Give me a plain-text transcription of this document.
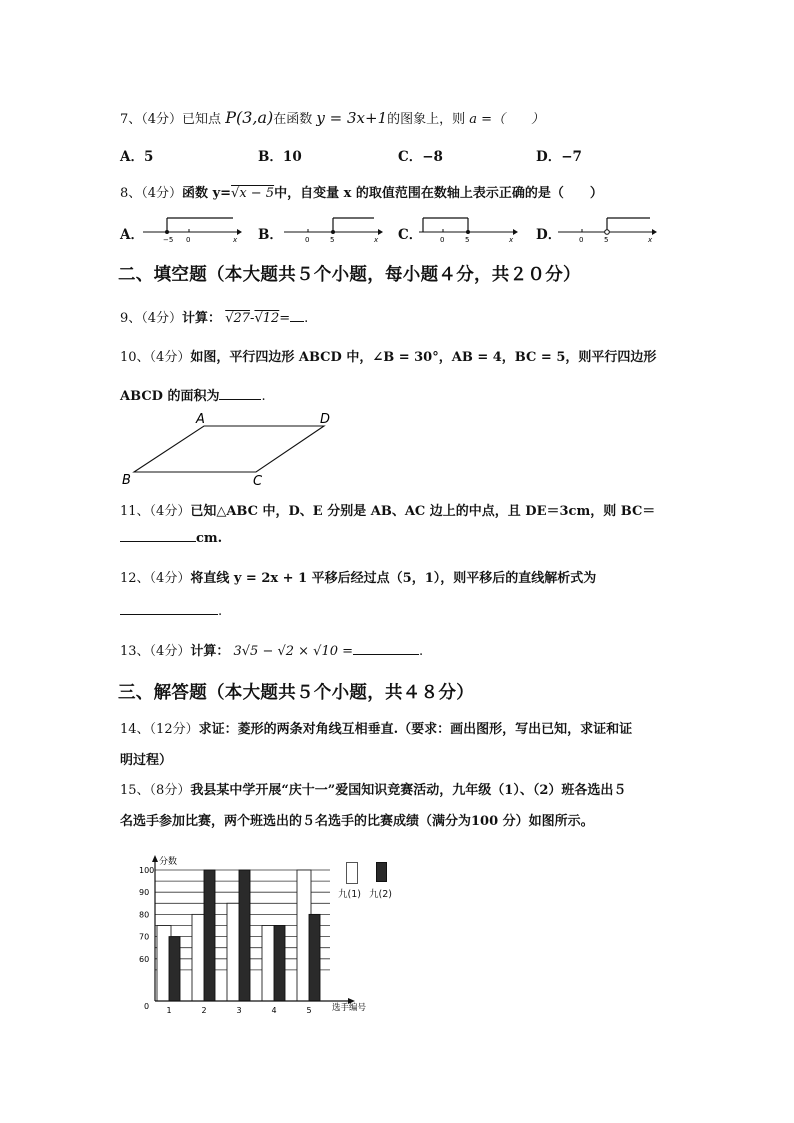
7、（4分）已知点 P(3,a)在函数 y = 3x+1的图象上，则 a =（　　）
A．5	B．10	C．−8	D．−7
8、（4分）函数 y=√x − 5中，自变量 x 的取值范围在数轴上表示正确的是（　　）
A．	−5 0	x B．	0	5	x C．	0	5	x D．	0	5	x
二、填空题（本大题共５个小题，每小题４分，共２０分）
9、（4分）计算： √27-√12= .
10、（4分）如图，平行四边形 ABCD 中，∠B = 30°，AB = 4，BC = 5，则平行四边形
ABCD 的面积为	.
A
B	C
D
11、（4分）已知△ABC 中，D、E 分别是 AB、AC 边上的中点，且 DE＝3cm，则 BC＝
cm.
12、（4分）将直线 y = 2x + 1 平移后经过点（5，1），则平移后的直线解析式为
.
13、（4分）计算： 3√5 − √2 × √10 =	.
三、解答题（本大题共５个小题，共４８分）
14、（12分）求证：菱形的两条对角线互相垂直.（要求：画出图形，写出已知，求证和证
明过程）
15、（8分）我县某中学开展“庆十一”爱国知识竞赛活动，九年级（1）、（2）班各选出５
名选手参加比赛，两个班选出的５名选手的比赛成绩（满分为100 分）如图所示。
60
70
80
90
100
0
分数
选手编号
1	2	3	4	5
九(1) 九(2)
